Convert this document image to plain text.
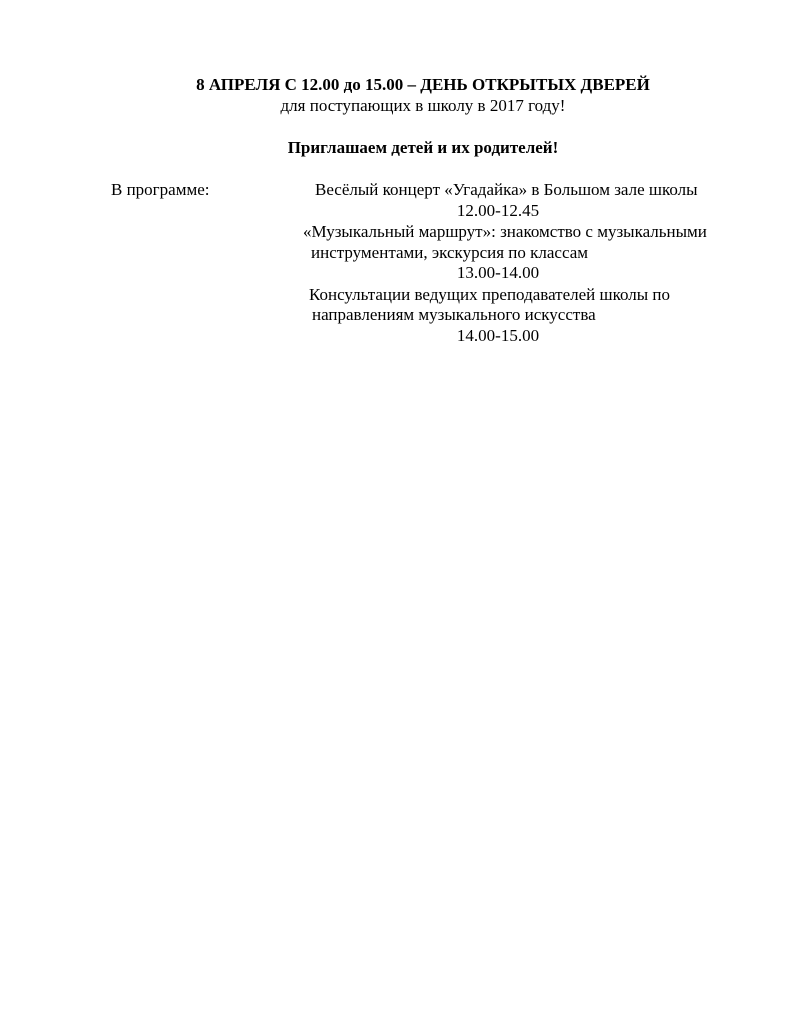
8 АПРЕЛЯ С 12.00 до 15.00 – ДЕНЬ ОТКРЫТЫХ ДВЕРЕЙ
для поступающих в школу в 2017 году!
Приглашаем детей и их родителей!
В программе:	Весёлый концерт «Угадайка» в Большом зале школы
12.00-12.45
«Музыкальный маршрут»: знакомство с музыкальными
инструментами, экскурсия по классам
13.00-14.00
Консультации ведущих преподавателей школы по
направлениям музыкального искусства
14.00-15.00
